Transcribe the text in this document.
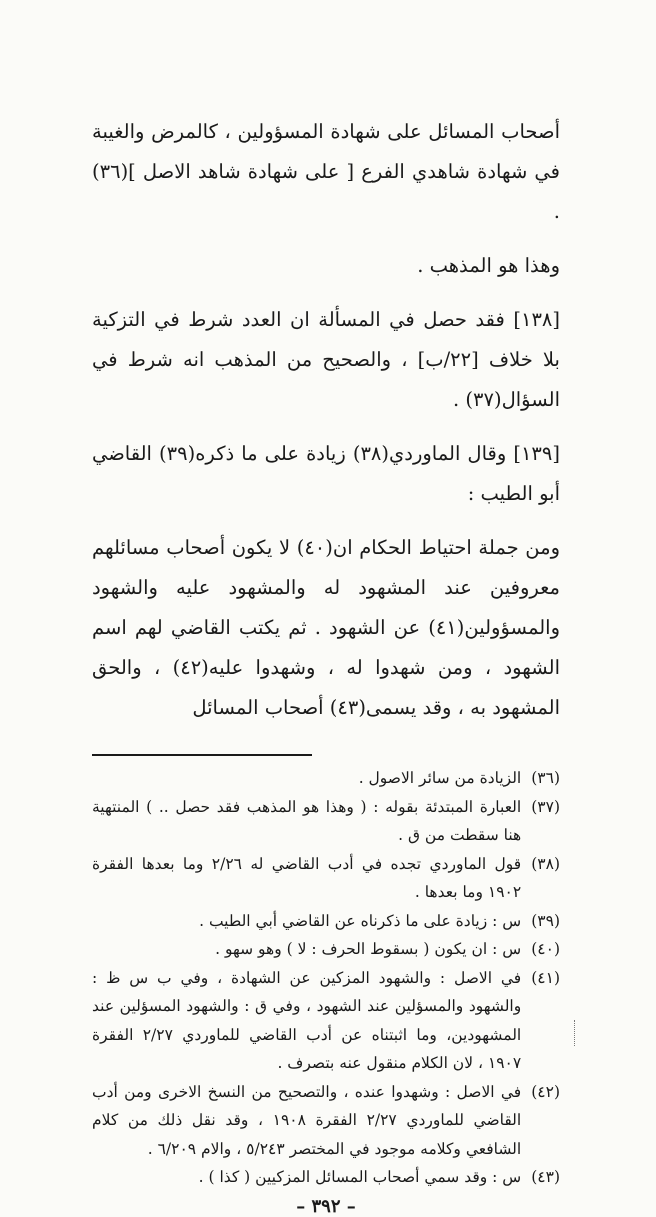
أصحاب المسائل على شهادة المسؤولين ، كالمرض والغيبة في شهادة شاهدي الفرع [ على شهادة شاهد الاصل ](٣٦) .

وهذا هو المذهب .

[١٣٨] فقد حصل في المسألة ان العدد شرط في التزكية بلا خلاف [٢٢/ب] ، والصحيح من المذهب انه شرط في السؤال(٣٧) .

[١٣٩] وقال الماوردي(٣٨) زيادة على ما ذكره(٣٩) القاضي أبو الطيب :

ومن جملة احتياط الحكام ان(٤٠) لا يكون أصحاب مسائلهم معروفين عند المشهود له والمشهود عليه والشهود والمسؤولين(٤١) عن الشهود . ثم يكتب القاضي لهم اسم الشهود ، ومن شهدوا له ، وشهدوا عليه(٤٢) ، والحق المشهود به ، وقد يسمى(٤٣) أصحاب المسائل

(٣٦)
الزيادة من سائر الاصول .
(٣٧)
العبارة المبتدئة بقوله : ( وهذا هو المذهب فقد حصل .. ) المنتهية هنا سقطت من ق .
(٣٨)
قول الماوردي تجده في أدب القاضي له ٢/٢٦ وما بعدها الفقرة ١٩٠٢ وما بعدها .
(٣٩)
س : زيادة على ما ذكرناه عن القاضي أبي الطيب .
(٤٠)
س : ان يكون ( بسقوط الحرف : لا ) وهو سهو .
(٤١)
في الاصل : والشهود المزكين عن الشهادة ، وفي ب س ظ : والشهود والمسؤلين عند الشهود ، وفي ق : والشهود المسؤلين عند المشهودين، وما اثبتناه عن أدب القاضي للماوردي ٢/٢٧ الفقرة ١٩٠٧ ، لان الكلام منقول عنه بتصرف .
(٤٢)
في الاصل : وشهدوا عنده ، والتصحيح من النسخ الاخرى ومن أدب القاضي للماوردي ٢/٢٧ الفقرة ١٩٠٨ ، وقد نقل ذلك من كلام الشافعي وكلامه موجود في المختصر ٥/٢٤٣ ، والام ٦/٢٠٩ .
(٤٣)
س : وقد سمي أصحاب المسائل المزكيين ( كذا ) .
– ٣٩٢ –
